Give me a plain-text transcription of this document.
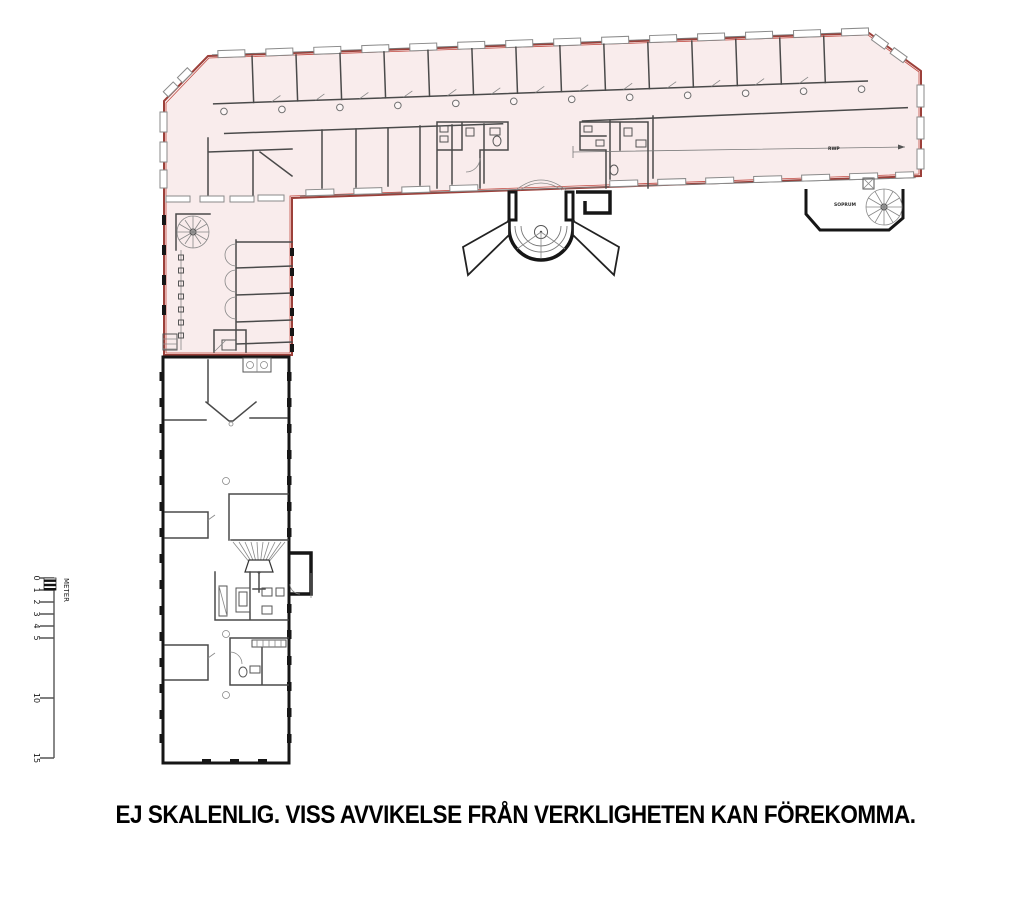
RWP
SOPRUM
0
1
2
3
4
5
10
15
METER
EJ SKALENLIG. VISS AVVIKELSE FRÅN VERKLIGHETEN KAN FÖREKOMMA.
